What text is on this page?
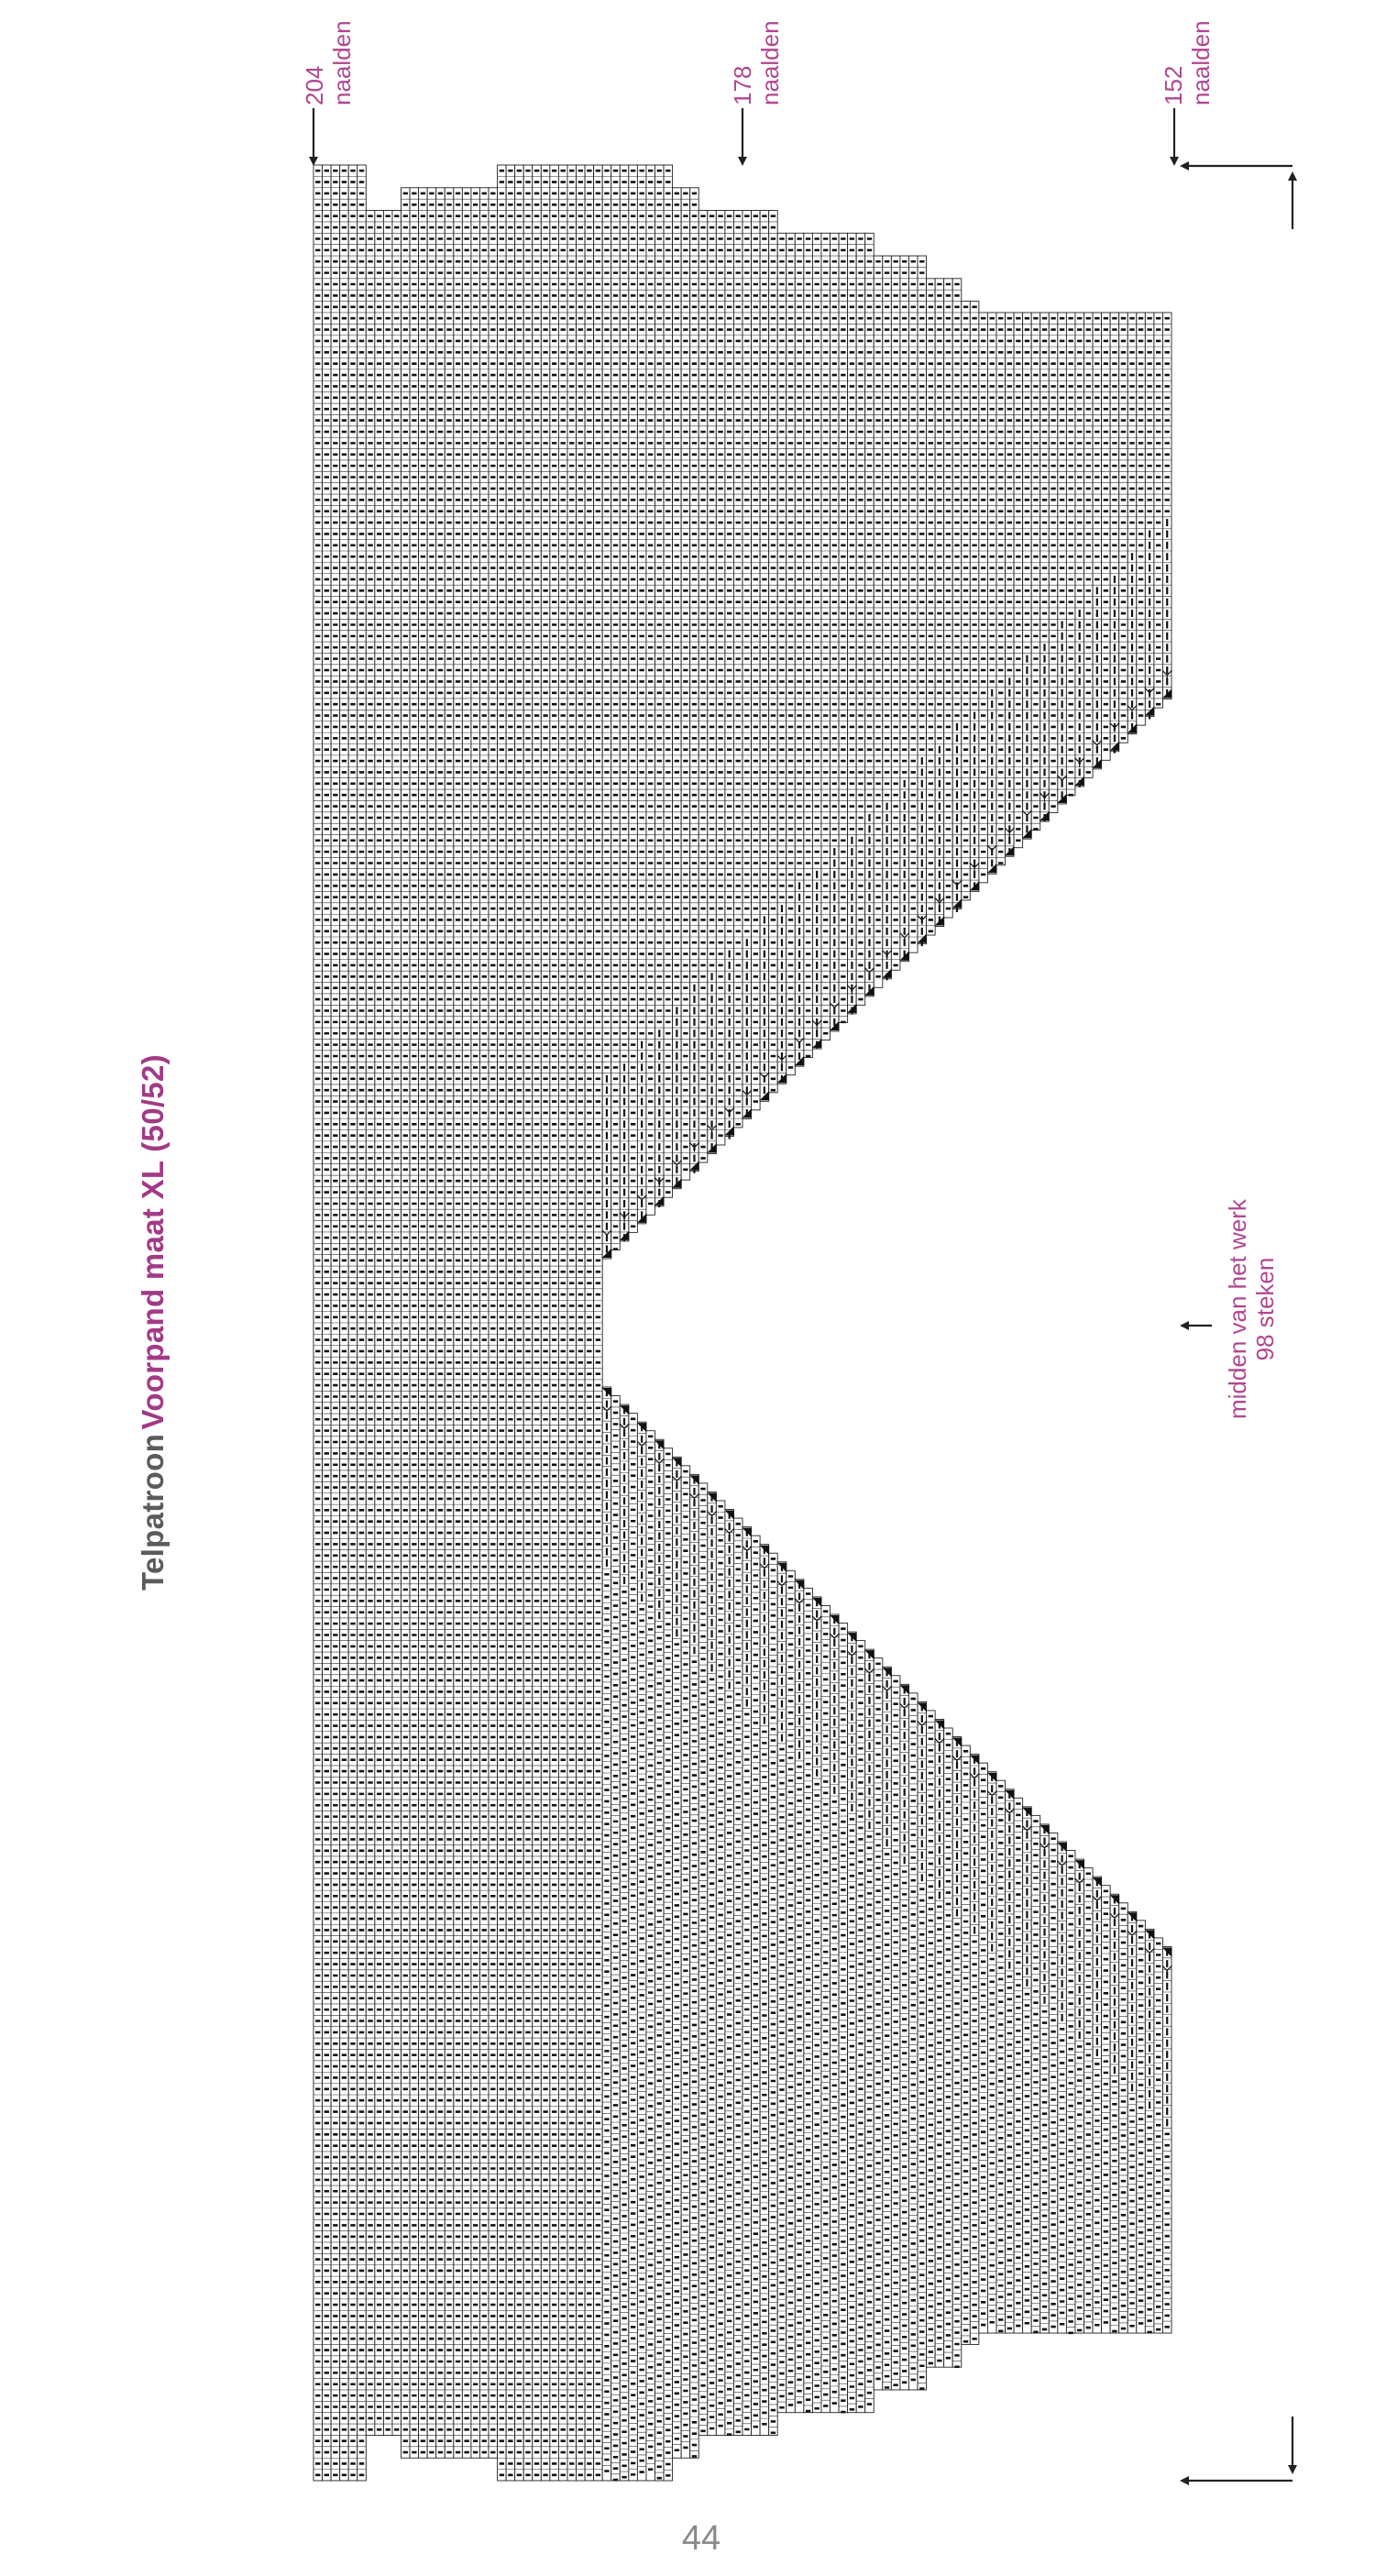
Telpatroon Voorpand maat XL (50/52)
204 naalden	178 naalden	152 naalden
midden van het werk 98 steken
44
